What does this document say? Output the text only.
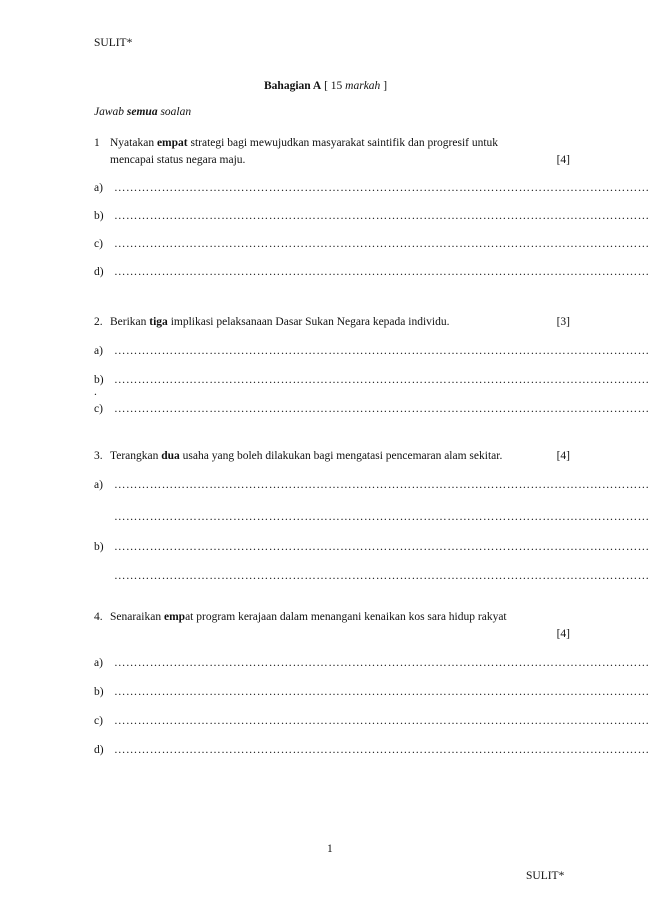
SULIT*
Bahagian A [ 15 markah ]
Jawab semua soalan
1 Nyatakan empat strategi bagi mewujudkan masyarakat saintifik dan progresif untuk
mencapai status negara maju.	[4]
a) ………………………………………………………………………………………………………………………
b) ………………………………………………………………………………………………………………………
c) ………………………………………………………………………………………………………………………
d) ………………………………………………………………………………………………………………………
2. Berikan tiga implikasi pelaksanaan Dasar Sukan Negara kepada individu.	[3]
a) ………………………………………………………………………………………………………………………
b) ………………………………………………………………………………………………………………………
.
c) ………………………………………………………………………………………………………………………
3. Terangkan dua usaha yang boleh dilakukan bagi mengatasi pencemaran alam sekitar.	[4]
a) ………………………………………………………………………………………………………………………
………………………………………………………………………………………………………………………
b) ………………………………………………………………………………………………………………………
………………………………………………………………………………………………………………………
4. Senaraikan empat program kerajaan dalam menangani kenaikan kos sara hidup rakyat
[4]
a) ………………………………………………………………………………………………………………………
b) ………………………………………………………………………………………………………………………
c) ………………………………………………………………………………………………………………………
d) ………………………………………………………………………………………………………………………
1
SULIT*
